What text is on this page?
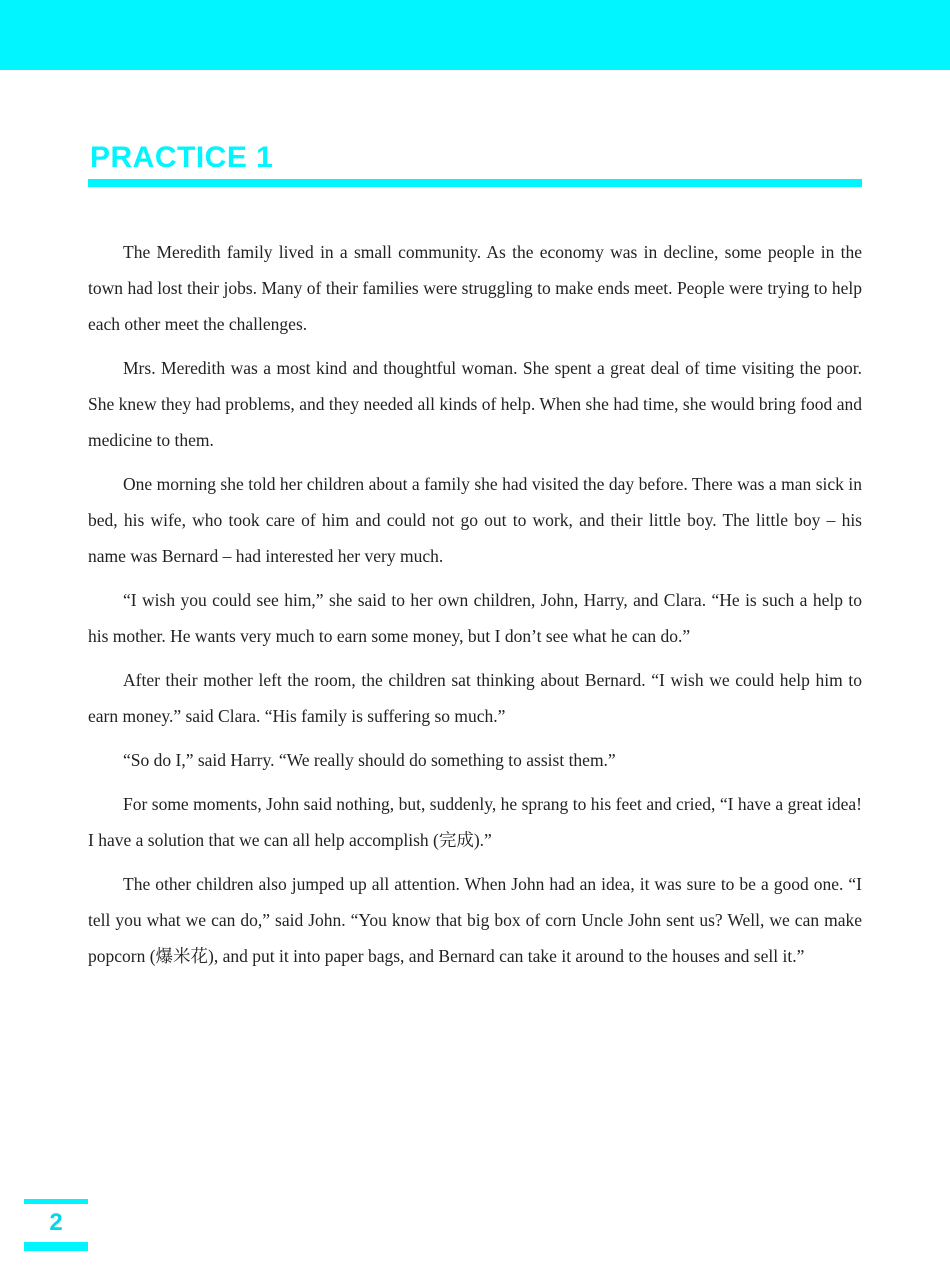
PRACTICE 1

The Meredith family lived in a small community. As the economy was in decline, some people in the town had lost their jobs. Many of their families were struggling to make ends meet. People were trying to help each other meet the challenges.

Mrs. Meredith was a most kind and thoughtful woman. She spent a great deal of time visiting the poor. She knew they had problems, and they needed all kinds of help. When she had time, she would bring food and medicine to them.

One morning she told her children about a family she had visited the day before. There was a man sick in bed, his wife, who took care of him and could not go out to work, and their little boy. The little boy – his name was Bernard – had interested her very much.

“I wish you could see him,” she said to her own children, John, Harry, and Clara. “He is such a help to his mother. He wants very much to earn some money, but I don’t see what he can do.”

After their mother left the room, the children sat thinking about Bernard. “I wish we could help him to earn money.” said Clara. “His family is suffering so much.”

“So do I,” said Harry. “We really should do something to assist them.”

For some moments, John said nothing, but, suddenly, he sprang to his feet and cried, “I have a great idea! I have a solution that we can all help accomplish (完成).”

The other children also jumped up all attention. When John had an idea, it was sure to be a good one. “I tell you what we can do,” said John. “You know that big box of corn Uncle John sent us? Well, we can make popcorn (爆米花), and put it into paper bags, and Bernard can take it around to the houses and sell it.”

2
